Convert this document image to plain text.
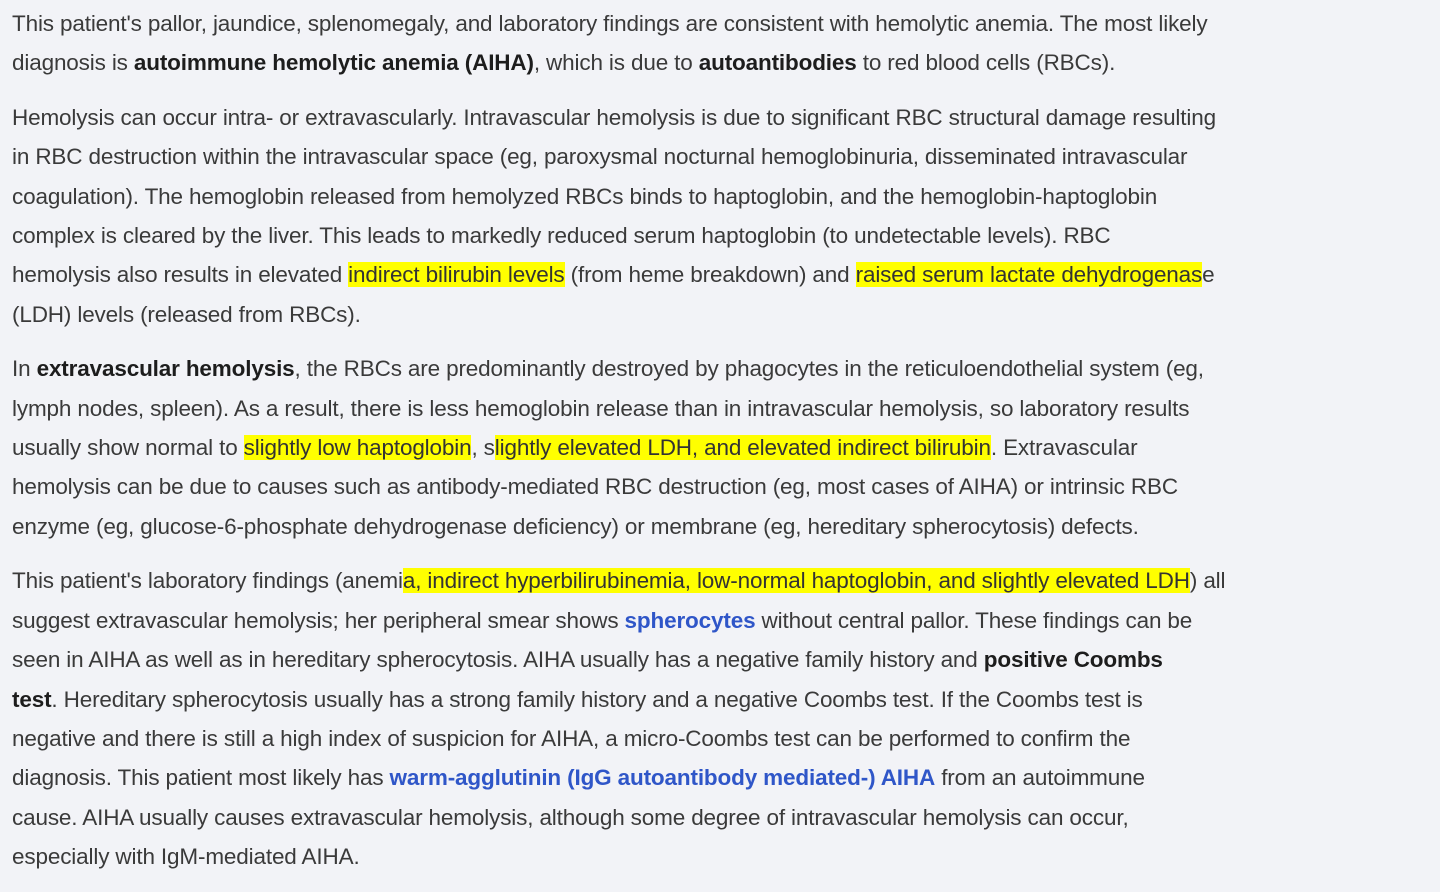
This patient's pallor, jaundice, splenomegaly, and laboratory findings are consistent with hemolytic anemia. The most likely
diagnosis is autoimmune hemolytic anemia (AIHA), which is due to autoantibodies to red blood cells (RBCs).
Hemolysis can occur intra- or extravascularly. Intravascular hemolysis is due to significant RBC structural damage resulting
in RBC destruction within the intravascular space (eg, paroxysmal nocturnal hemoglobinuria, disseminated intravascular
coagulation). The hemoglobin released from hemolyzed RBCs binds to haptoglobin, and the hemoglobin-haptoglobin
complex is cleared by the liver. This leads to markedly reduced serum haptoglobin (to undetectable levels). RBC
hemolysis also results in elevated indirect bilirubin levels (from heme breakdown) and raised serum lactate dehydrogenase
(LDH) levels (released from RBCs).
In extravascular hemolysis, the RBCs are predominantly destroyed by phagocytes in the reticuloendothelial system (eg,
lymph nodes, spleen). As a result, there is less hemoglobin release than in intravascular hemolysis, so laboratory results
usually show normal to slightly low haptoglobin, slightly elevated LDH, and elevated indirect bilirubin. Extravascular
hemolysis can be due to causes such as antibody-mediated RBC destruction (eg, most cases of AIHA) or intrinsic RBC
enzyme (eg, glucose-6-phosphate dehydrogenase deficiency) or membrane (eg, hereditary spherocytosis) defects.
This patient's laboratory findings (anemia, indirect hyperbilirubinemia, low-normal haptoglobin, and slightly elevated LDH) all
suggest extravascular hemolysis; her peripheral smear shows spherocytes without central pallor. These findings can be
seen in AIHA as well as in hereditary spherocytosis. AIHA usually has a negative family history and positive Coombs
test. Hereditary spherocytosis usually has a strong family history and a negative Coombs test. If the Coombs test is
negative and there is still a high index of suspicion for AIHA, a micro-Coombs test can be performed to confirm the
diagnosis. This patient most likely has warm-agglutinin (IgG autoantibody mediated-) AIHA from an autoimmune
cause. AIHA usually causes extravascular hemolysis, although some degree of intravascular hemolysis can occur,
especially with IgM-mediated AIHA.
